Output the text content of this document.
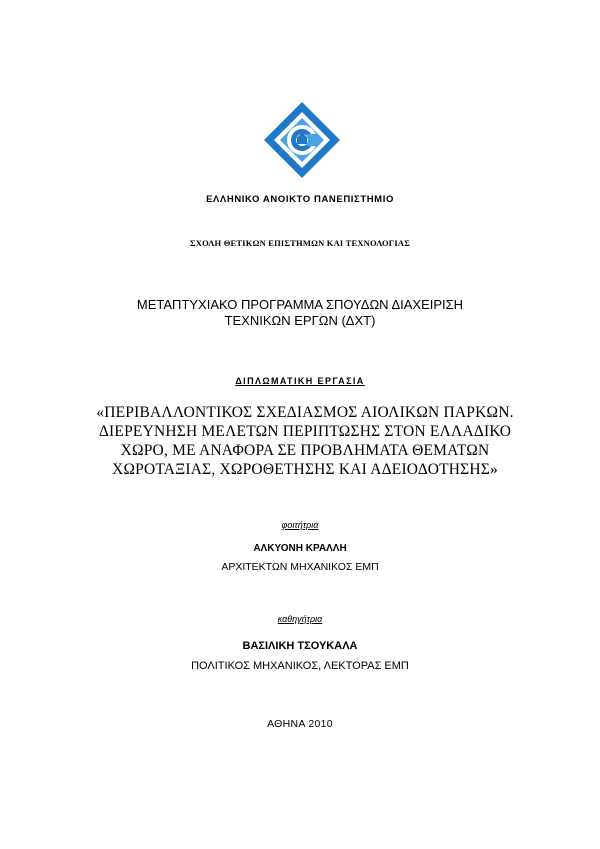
ΕΛΛΗΝΙΚΟ ΑΝΟΙΚΤΟ ΠΑΝΕΠΙΣΤΗΜΙΟ
ΣΧΟΛΗ ΘΕΤΙΚΩΝ ΕΠΙΣΤΗΜΩΝ ΚΑΙ ΤΕΧΝΟΛΟΓΙΑΣ
ΜΕΤΑΠΤΥΧΙΑΚΟ ΠΡΟΓΡΑΜΜΑ ΣΠΟΥΔΩΝ ΔΙΑΧΕΙΡΙΣΗ ΤΕΧΝΙΚΩΝ ΕΡΓΩΝ (ΔΧΤ)
ΔΙΠΛΩΜΑΤΙΚΗ ΕΡΓΑΣΙΑ
«ΠΕΡΙΒΑΛΛΟΝΤΙΚΟΣ ΣΧΕΔΙΑΣΜΟΣ ΑΙΟΛΙΚΩΝ ΠΑΡΚΩΝ. ΔΙΕΡΕΥΝΗΣΗ ΜΕΛΕΤΩΝ ΠΕΡΙΠΤΩΣΗΣ ΣΤΟΝ ΕΛΛΑΔΙΚΟ ΧΩΡΟ, ΜΕ ΑΝΑΦΟΡΑ ΣΕ ΠΡΟΒΛΗΜΑΤΑ ΘΕΜΑΤΩΝ ΧΩΡΟΤΑΞΙΑΣ, ΧΩΡΟΘΕΤΗΣΗΣ ΚΑΙ ΑΔΕΙΟΔΟΤΗΣΗΣ»
φοιτήτρια
ΑΛΚΥΟΝΗ ΚΡΑΛΛΗ
ΑΡΧΙΤΕΚΤΩΝ ΜΗΧΑΝΙΚΟΣ ΕΜΠ
καθηγήτρια
ΒΑΣΙΛΙΚΗ ΤΣΟΥΚΑΛΑ
ΠΟΛΙΤΙΚΟΣ ΜΗΧΑΝΙΚΟΣ, ΛΕΚΤΟΡΑΣ ΕΜΠ
ΑΘΗΝΑ 2010
